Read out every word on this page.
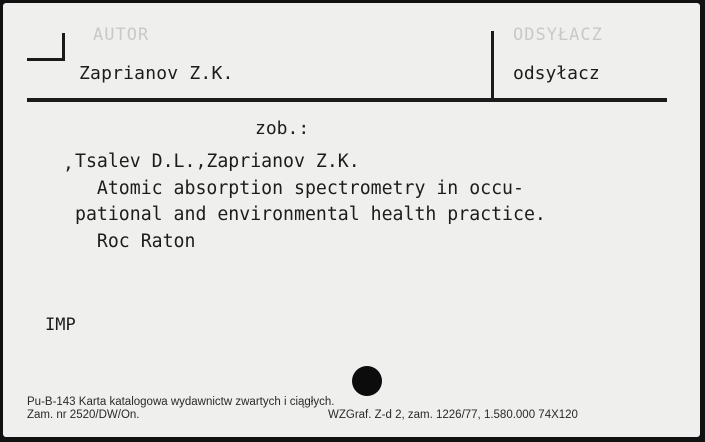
AUTOR	ODSYŁACZ
Zaprianov Z.K.	odsyłacz
zob.:
, Tsalev D.L.,Zaprianov Z.K.
Atomic absorption spectrometry in occu-
pational and environmental health practice.
Roc Raton
IMP
Pu-B-143 Karta katalogowa wydawnictw zwartych i ciągłych.
Zam. nr 2520/DW/On.	WZGraf. Z-d 2, zam. 1226/77, 1.580.000 74X120
